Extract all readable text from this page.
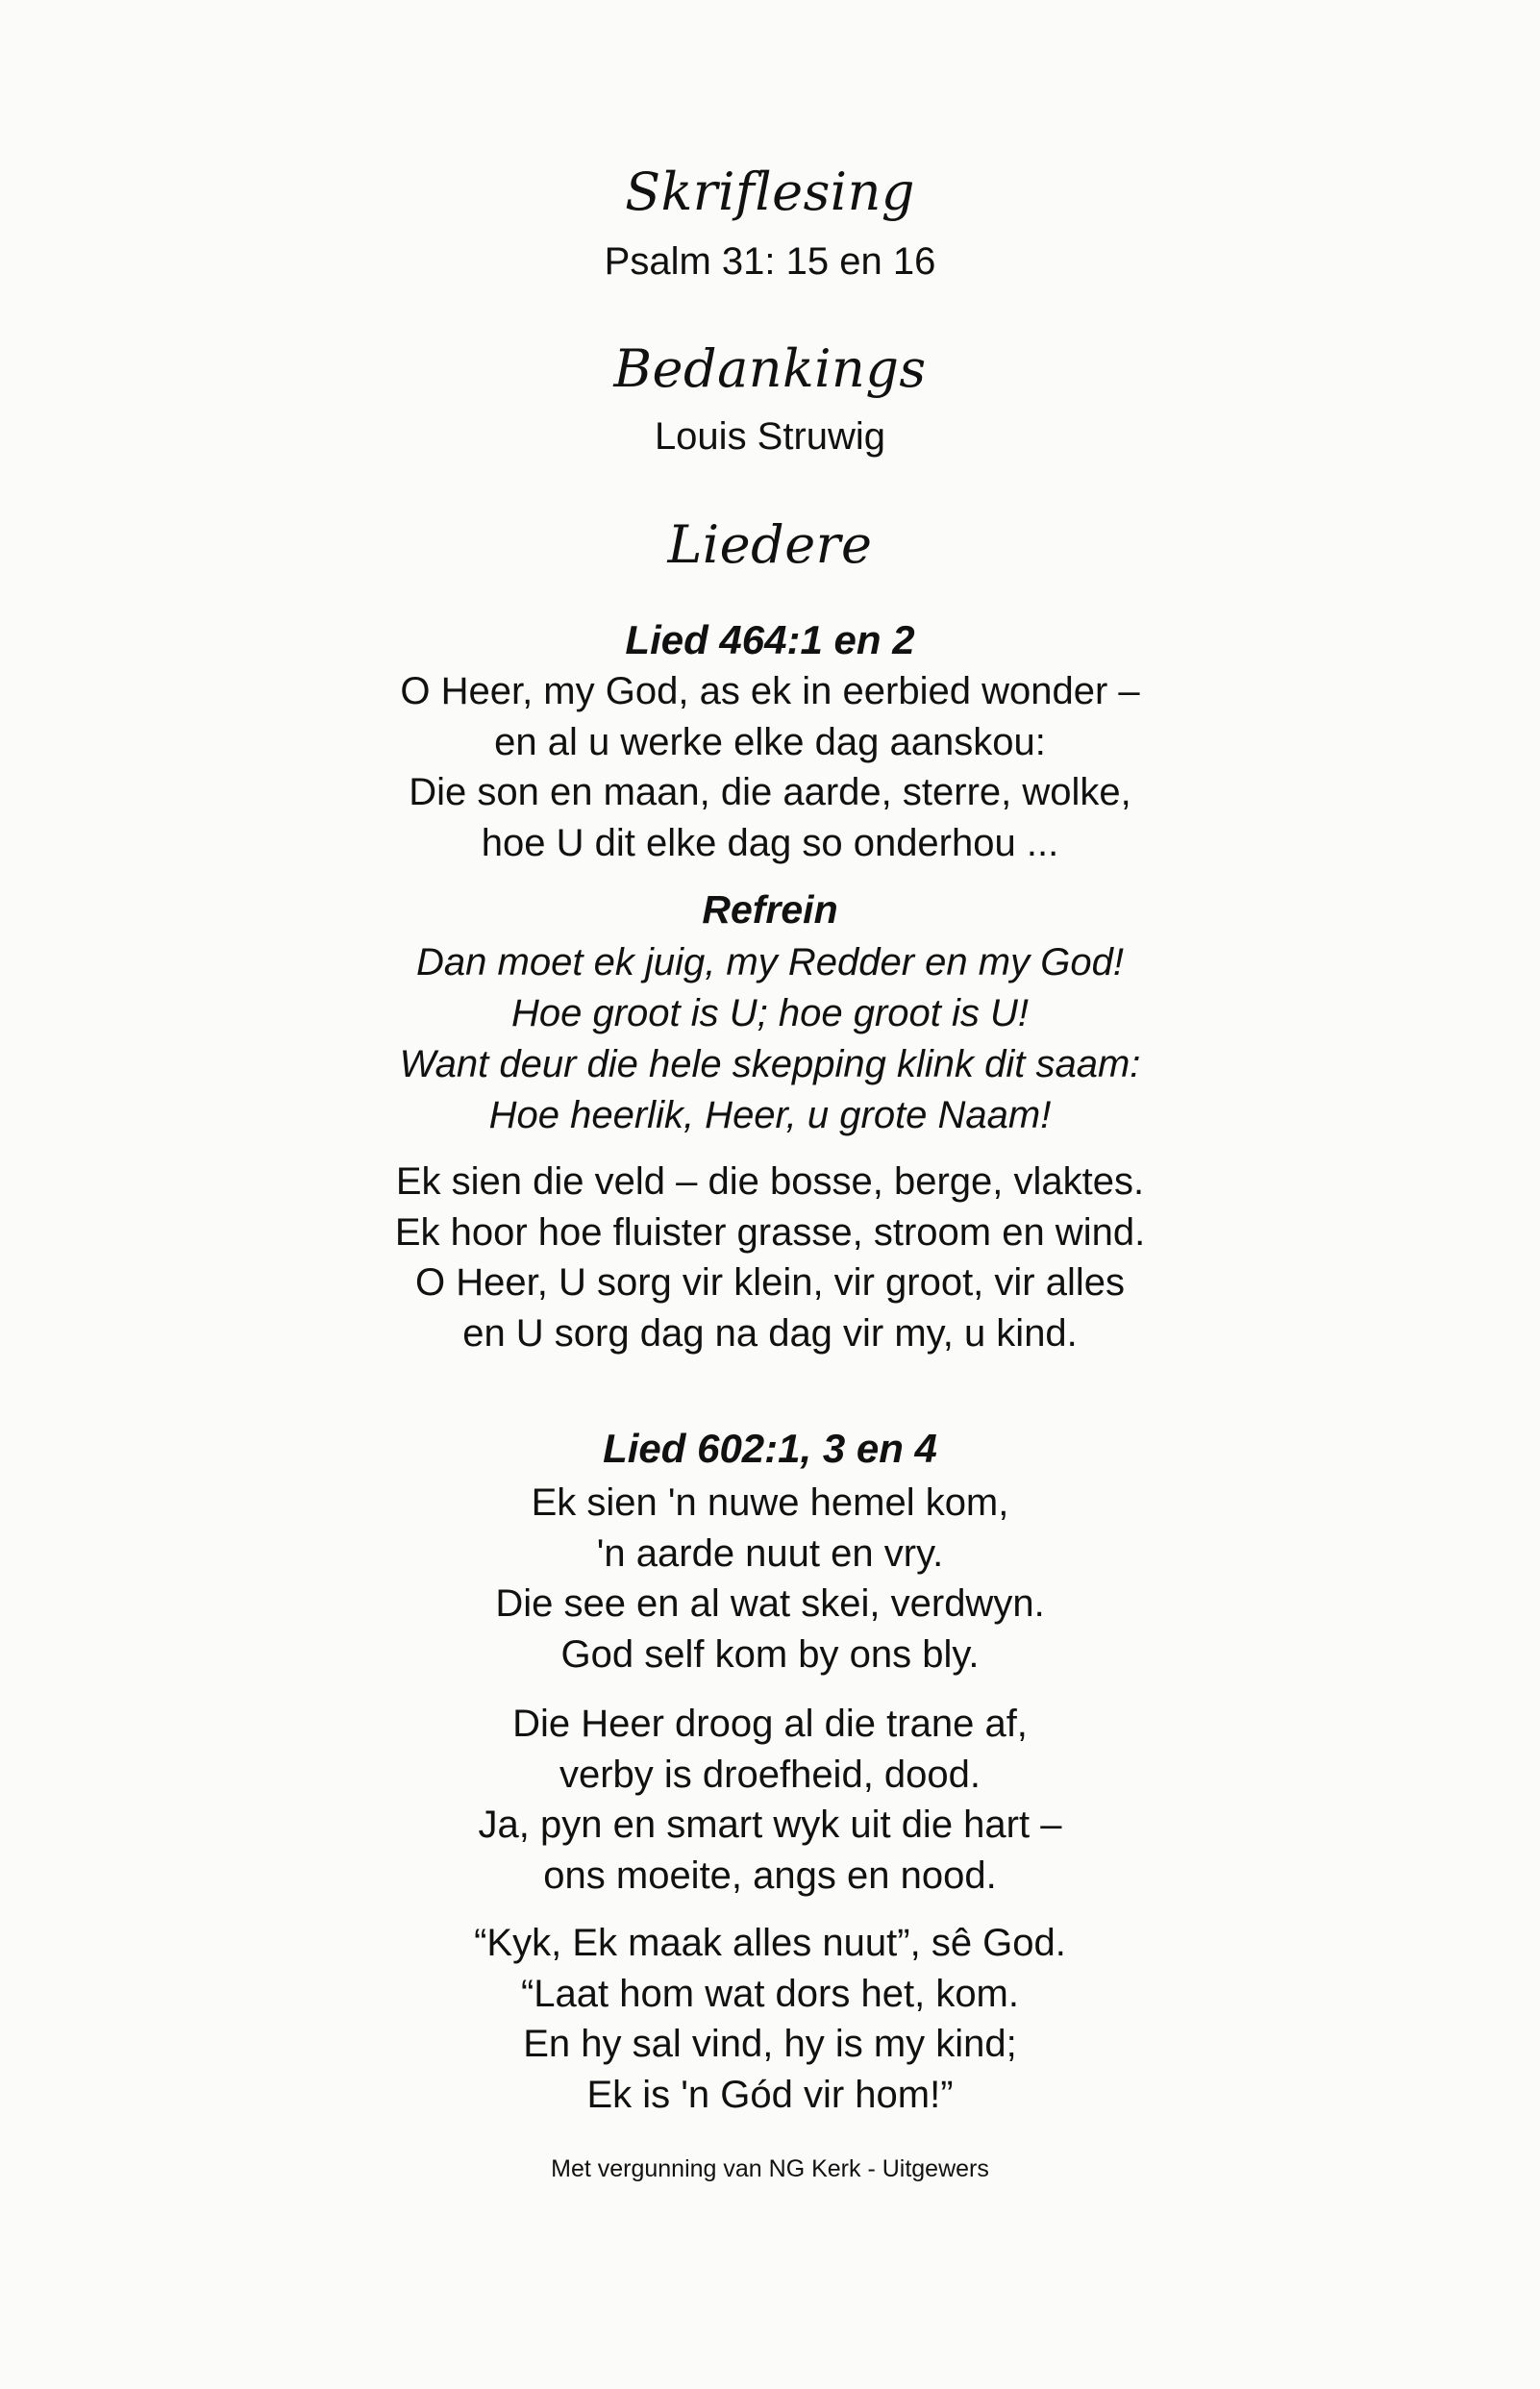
Skriflesing
Psalm 31: 15 en 16
Bedankings
Louis Struwig
Liedere
Lied 464:1 en 2
O Heer, my God, as ek in eerbied wonder –
en al u werke elke dag aanskou:
Die son en maan, die aarde, sterre, wolke,
hoe U dit elke dag so onderhou ...
Refrein
Dan moet ek juig, my Redder en my God!
Hoe groot is U; hoe groot is U!
Want deur die hele skepping klink dit saam:
Hoe heerlik, Heer, u grote Naam!
Ek sien die veld – die bosse, berge, vlaktes.
Ek hoor hoe fluister grasse, stroom en wind.
O Heer, U sorg vir klein, vir groot, vir alles
en U sorg dag na dag vir my, u kind.
Lied 602:1, 3 en 4
Ek sien 'n nuwe hemel kom,
'n aarde nuut en vry.
Die see en al wat skei, verdwyn.
God self kom by ons bly.
Die Heer droog al die trane af,
verby is droefheid, dood.
Ja, pyn en smart wyk uit die hart –
ons moeite, angs en nood.
“Kyk, Ek maak alles nuut”, sê God.
“Laat hom wat dors het, kom.
En hy sal vind, hy is my kind;
Ek is 'n Gód vir hom!”
Met vergunning van NG Kerk - Uitgewers
